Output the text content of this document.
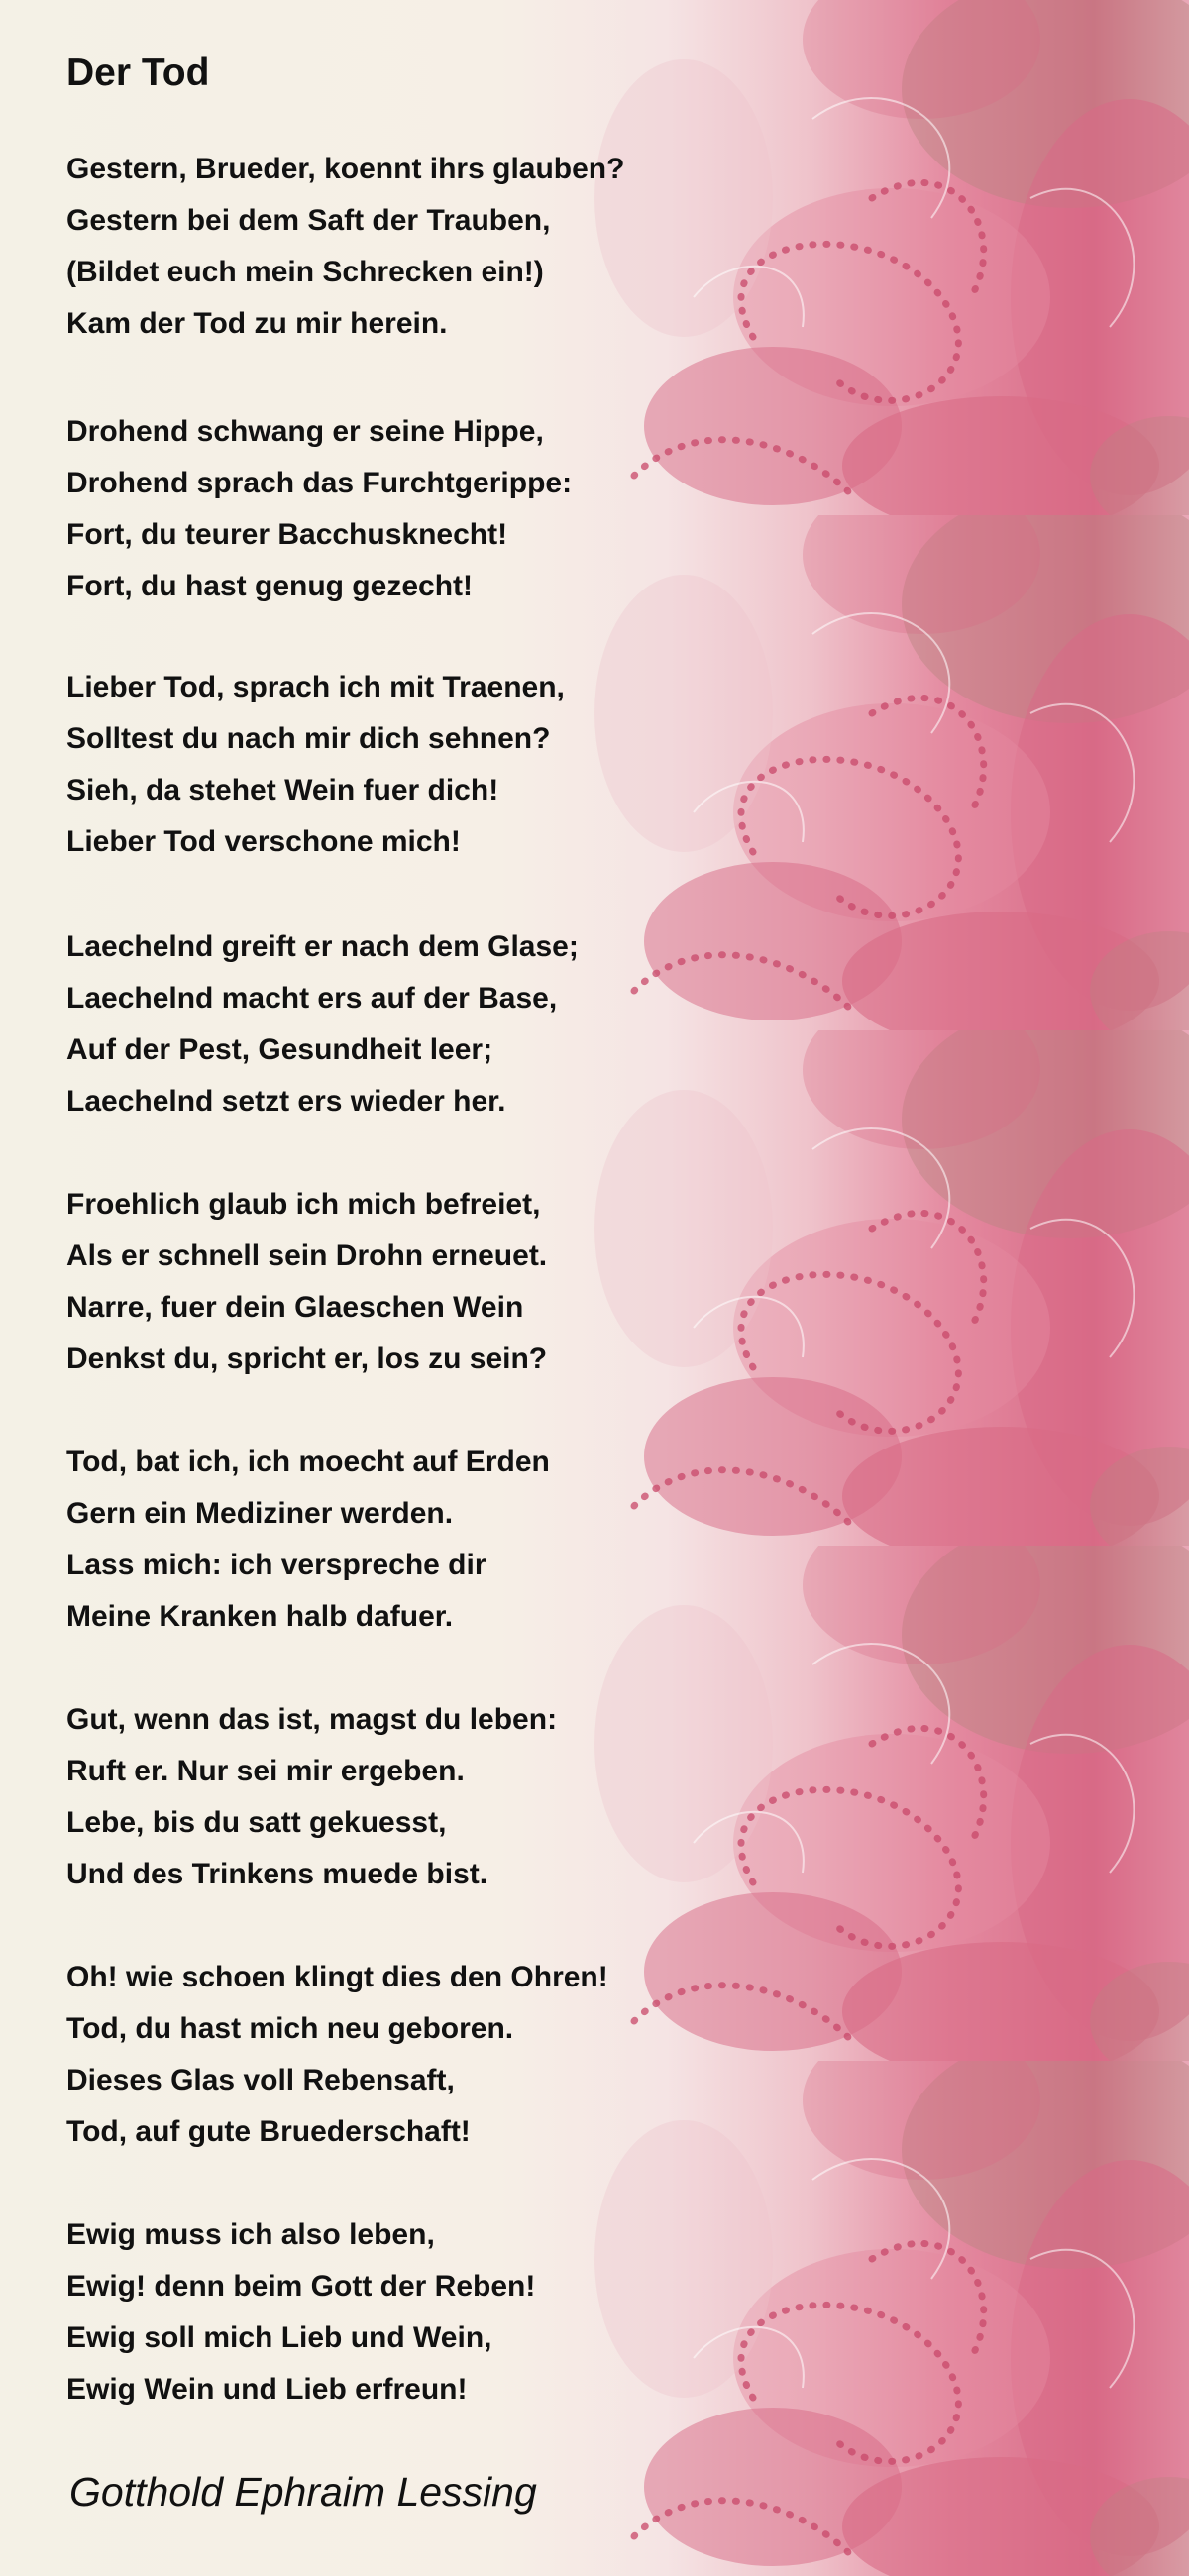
Der Tod
Gestern, Brueder, koennt ihrs glauben?
Gestern bei dem Saft der Trauben,
(Bildet euch mein Schrecken ein!)
Kam der Tod zu mir herein.
Drohend schwang er seine Hippe,
Drohend sprach das Furchtgerippe:
Fort, du teurer Bacchusknecht!
Fort, du hast genug gezecht!
Lieber Tod, sprach ich mit Traenen,
Solltest du nach mir dich sehnen?
Sieh, da stehet Wein fuer dich!
Lieber Tod verschone mich!
Laechelnd greift er nach dem Glase;
Laechelnd macht ers auf der Base,
Auf der Pest, Gesundheit leer;
Laechelnd setzt ers wieder her.
Froehlich glaub ich mich befreiet,
Als er schnell sein Drohn erneuet.
Narre, fuer dein Glaeschen Wein
Denkst du, spricht er, los zu sein?
Tod, bat ich, ich moecht auf Erden
Gern ein Mediziner werden.
Lass mich: ich verspreche dir
Meine Kranken halb dafuer.
Gut, wenn das ist, magst du leben:
Ruft er. Nur sei mir ergeben.
Lebe, bis du satt gekuesst,
Und des Trinkens muede bist.
Oh! wie schoen klingt dies den Ohren!
Tod, du hast mich neu geboren.
Dieses Glas voll Rebensaft,
Tod, auf gute Bruederschaft!
Ewig muss ich also leben,
Ewig! denn beim Gott der Reben!
Ewig soll mich Lieb und Wein,
Ewig Wein und Lieb erfreun!
Gotthold Ephraim Lessing
